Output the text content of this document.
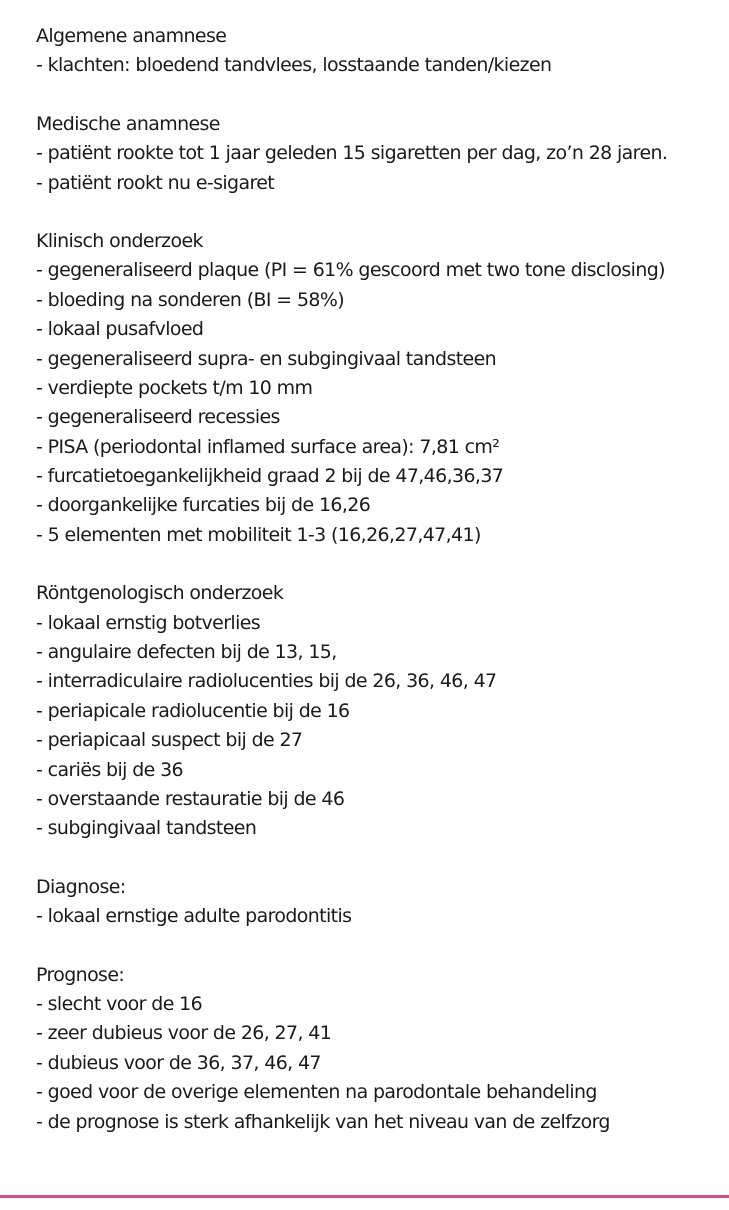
Algemene anamnese
- klachten: bloedend tandvlees, losstaande tanden/kiezen
Medische anamnese
- patiënt rookte tot 1 jaar geleden 15 sigaretten per dag, zo’n 28 jaren.
- patiënt rookt nu e-sigaret
Klinisch onderzoek
- gegeneraliseerd plaque (PI = 61% gescoord met two tone disclosing)
- bloeding na sonderen (BI = 58%)
- lokaal pusafvloed
- gegeneraliseerd supra- en subgingivaal tandsteen
- verdiepte pockets t/m 10 mm
- gegeneraliseerd recessies
- PISA (periodontal inflamed surface area): 7,81 cm²
- furcatietoegankelijkheid graad 2 bij de 47,46,36,37
- doorgankelijke furcaties bij de 16,26
- 5 elementen met mobiliteit 1-3 (16,26,27,47,41)
Röntgenologisch onderzoek
- lokaal ernstig botverlies
- angulaire defecten bij de 13, 15,
- interradiculaire radiolucenties bij de 26, 36, 46, 47
- periapicale radiolucentie bij de 16
- periapicaal suspect bij de 27
- cariës bij de 36
- overstaande restauratie bij de 46
- subgingivaal tandsteen
Diagnose:
- lokaal ernstige adulte parodontitis
Prognose:
- slecht voor de 16
- zeer dubieus voor de 26, 27, 41
- dubieus voor de 36, 37, 46, 47
- goed voor de overige elementen na parodontale behandeling
- de prognose is sterk afhankelijk van het niveau van de zelfzorg
